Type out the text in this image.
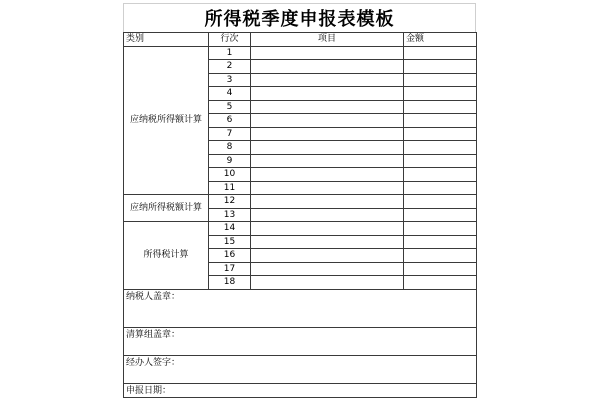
所得税季度申报表模板
类别	行次	项目	金额
应纳税所得额计算	1		
	2		
	3		
	4		
	5		
	6		
	7		
	8		
	9		
	10		
	11		
应纳所得税额计算	12		
	13		
所得税计算	14		
	15		
	16		
	17		
	18		
纳税人盖章：			
清算组盖章：			
经办人签字：			
申报日期：			
